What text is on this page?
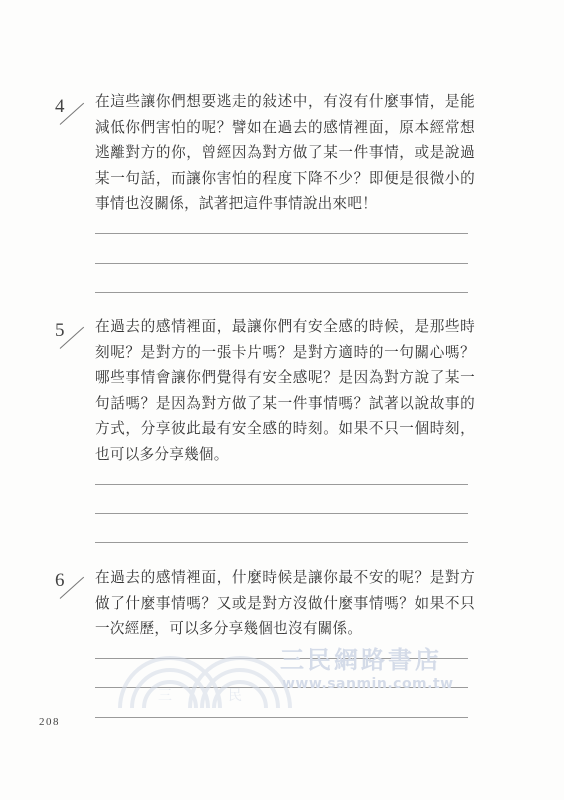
4 在這些讓你們想要逃走的敍述中，有沒有什麼事情，是能減低你們害怕的呢？譬如在過去的感情裡面，原本經常想逃離對方的你，曾經因為對方做了某一件事情，或是說過某一句話，而讓你害怕的程度下降不少？即便是很微小的事情也沒關係，試著把這件事情說出來吧！
5 在過去的感情裡面，最讓你們有安全感的時候，是那些時刻呢？是對方的一張卡片嗎？是對方適時的一句關心嗎？哪些事情會讓你們覺得有安全感呢？是因為對方說了某一句話嗎？是因為對方做了某一件事情嗎？試著以說故事的方式，分享彼此最有安全感的時刻。如果不只一個時刻，也可以多分享幾個。
6 在過去的感情裡面，什麼時候是讓你最不安的呢？是對方做了什麼事情嗎？又或是對方沒做什麼事情嗎？如果不只一次經歷，可以多分享幾個也沒有關係。
三	民
三民網路書店
www.sanmin.com.tw
208
